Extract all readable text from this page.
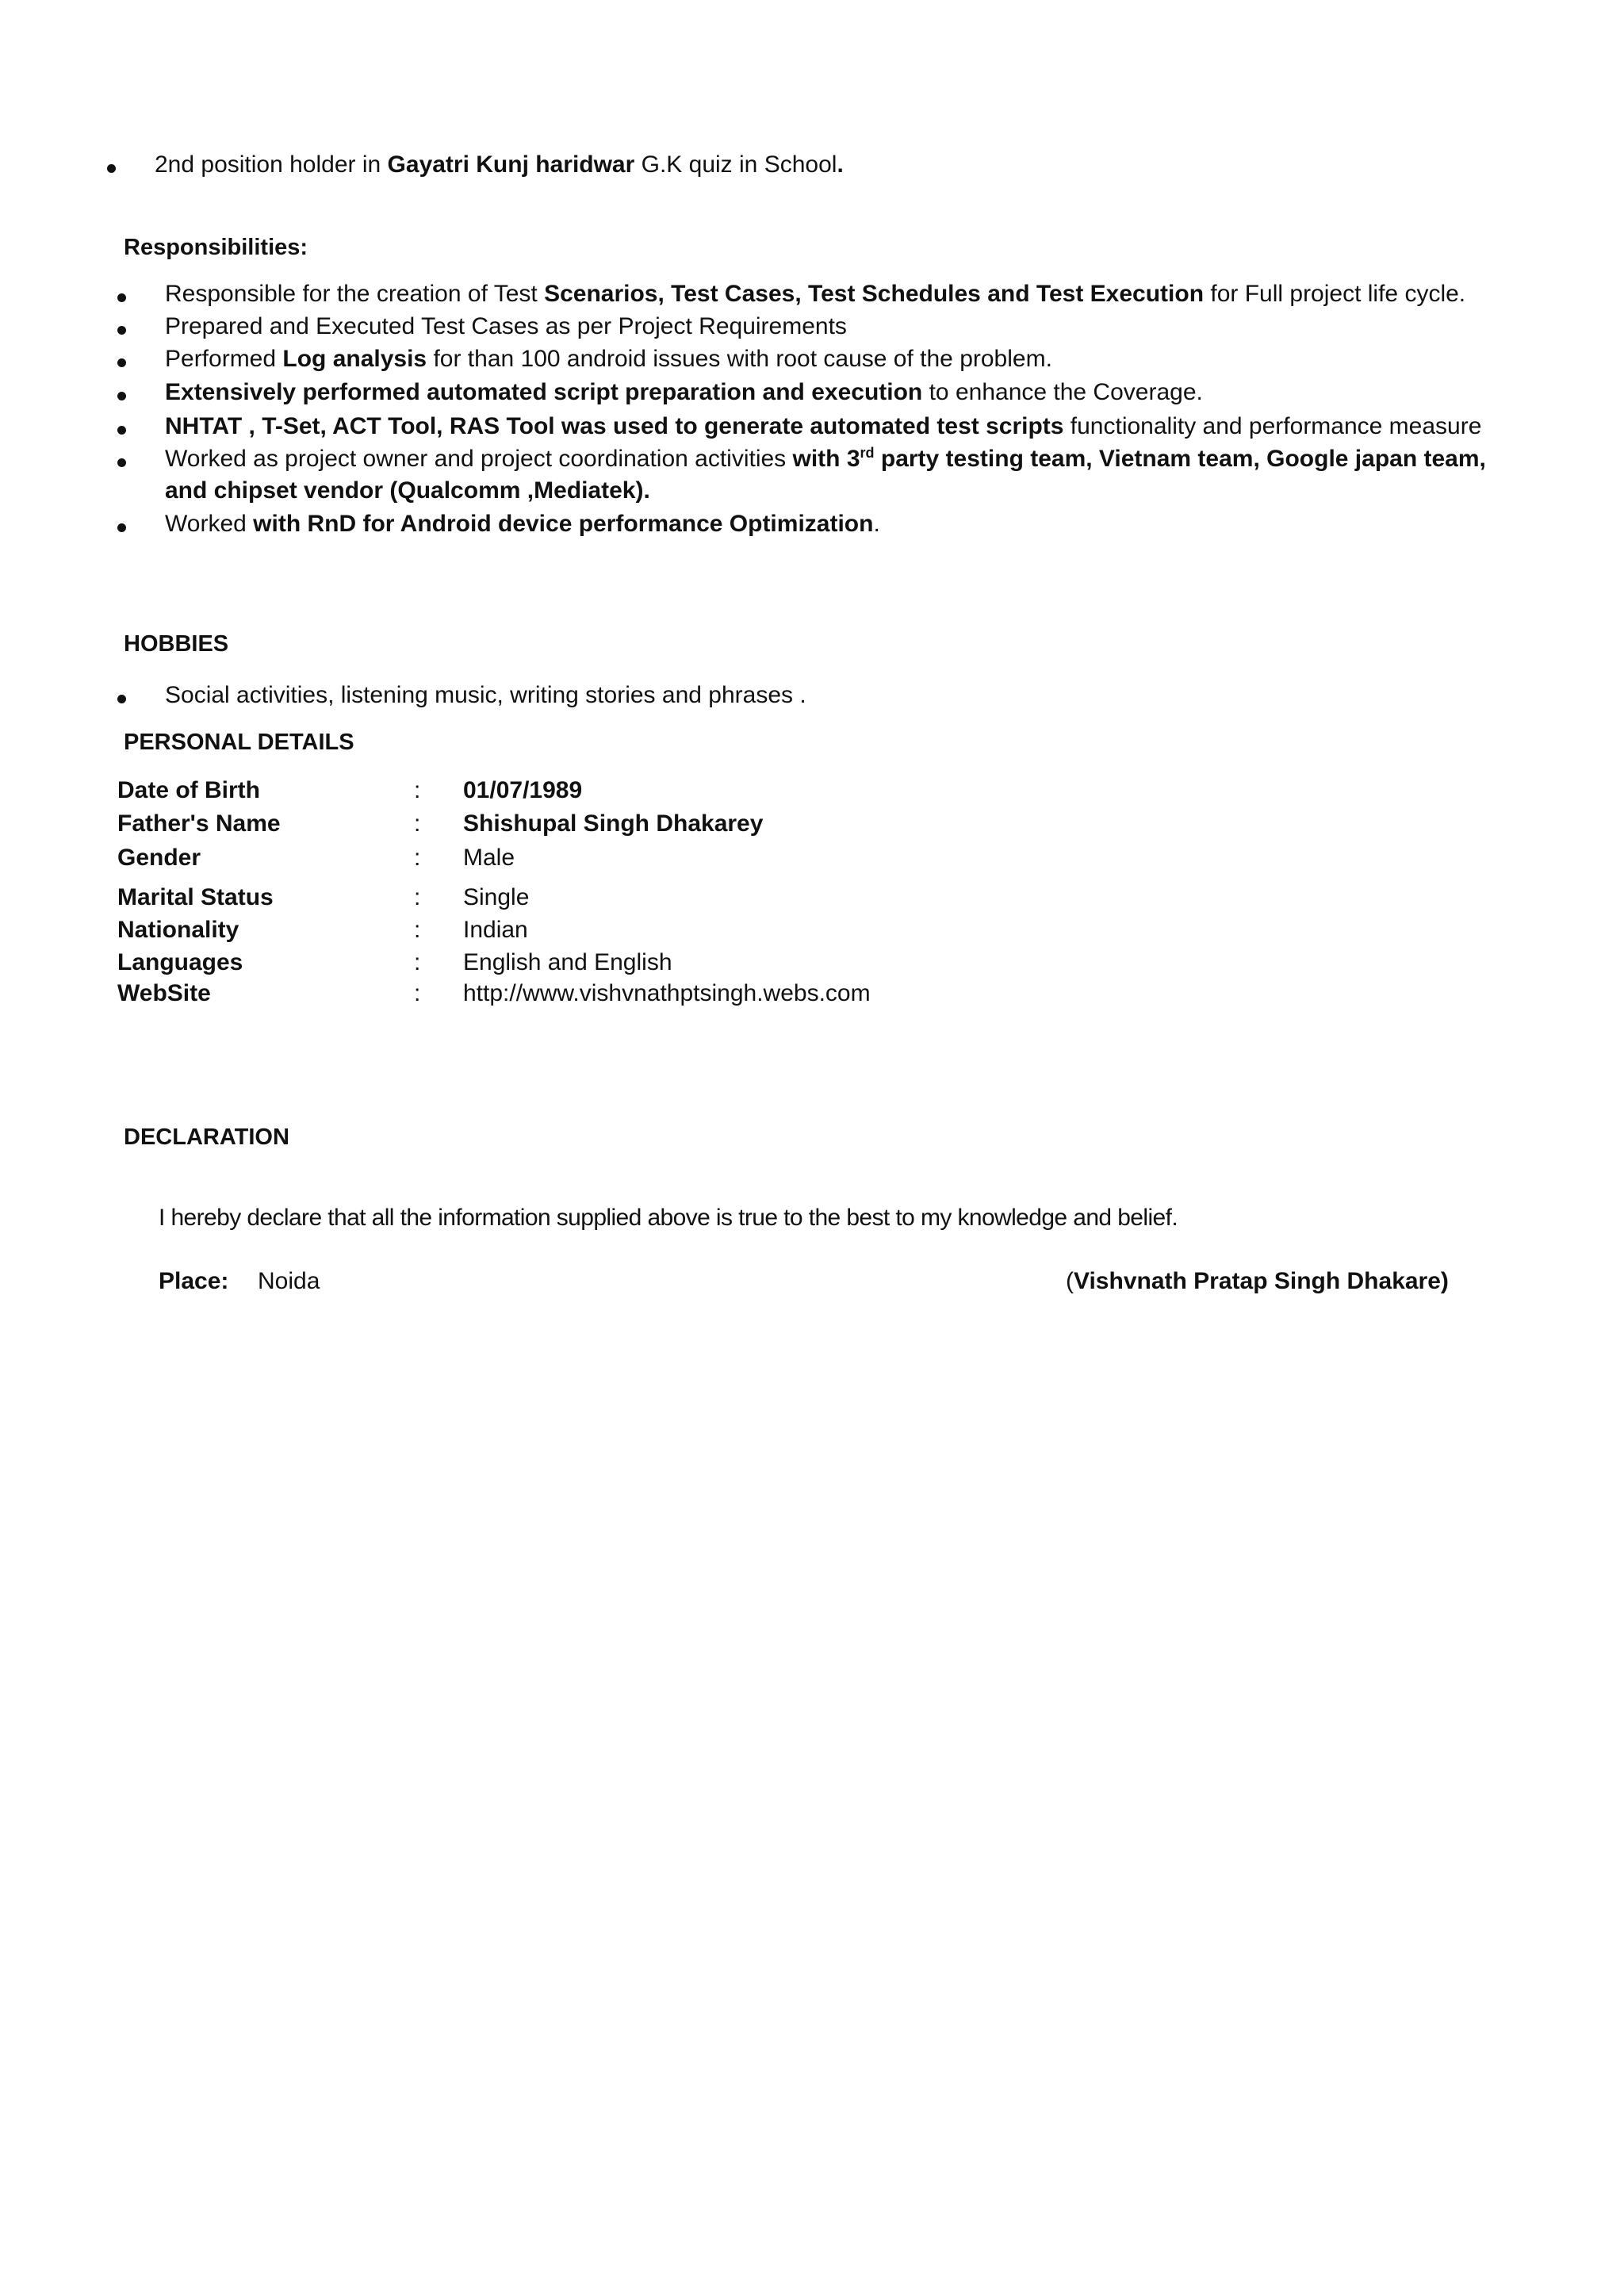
2nd position holder in Gayatri Kunj haridwar G.K quiz in School.
Responsibilities:
Responsible for the creation of Test Scenarios, Test Cases, Test Schedules and Test Execution for Full project life cycle.
Prepared and Executed Test Cases as per Project Requirements
Performed Log analysis for than 100 android issues with root cause of the problem.
Extensively performed automated script preparation and execution to enhance the Coverage.
NHTAT , T-Set, ACT Tool, RAS Tool was used to generate automated test scripts functionality and performance measure
Worked as project owner and project coordination activities with 3rd party testing team, Vietnam team, Google japan team,
and chipset vendor (Qualcomm ,Mediatek).
Worked with RnD for Android device performance Optimization.
HOBBIES
Social activities, listening music, writing stories and phrases .
PERSONAL DETAILS
Date of Birth	: 01/07/1989
Father's Name	: Shishupal Singh Dhakarey
Gender	: Male
Marital Status	: Single
Nationality	: Indian
Languages	: English and English
WebSite	: http://www.vishvnathptsingh.webs.com
DECLARATION
I hereby declare that all the information supplied above is true to the best to my knowledge and belief.
Place: Noida	(Vishvnath Pratap Singh Dhakare)
